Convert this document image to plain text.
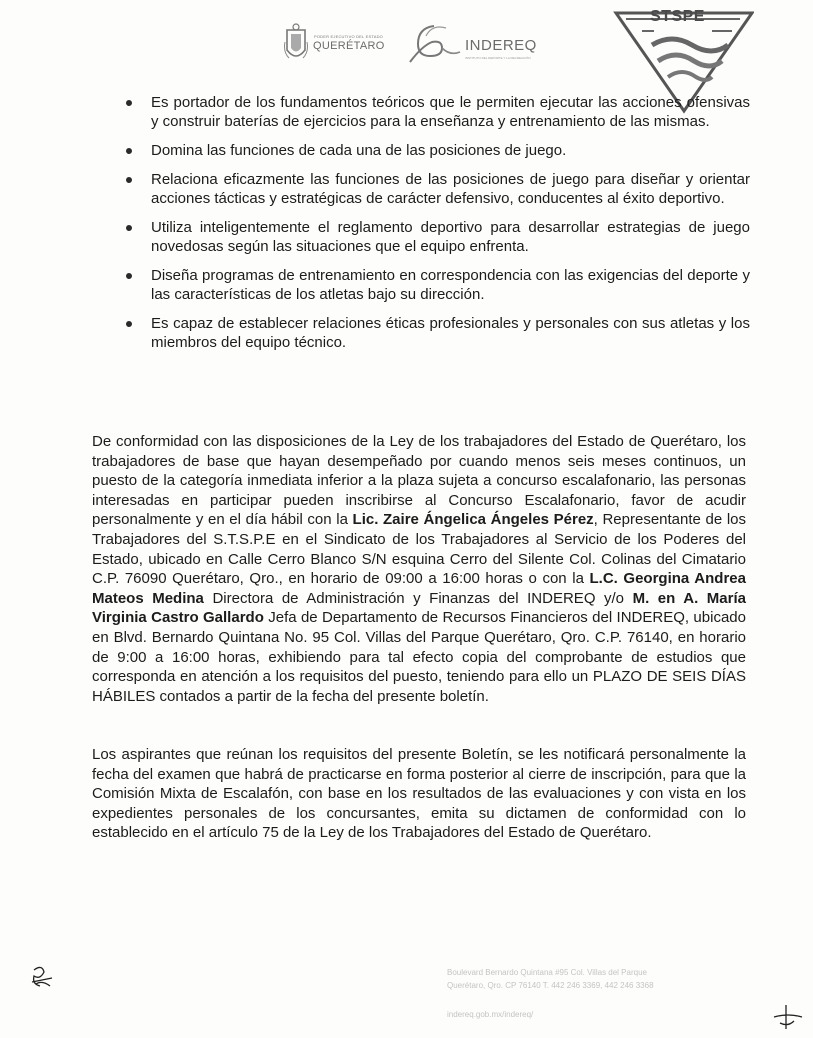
PODER EJECUTIVO DEL ESTADO
QUERÉTARO	INDEREQ
INSTITUTO DEL DEPORTE Y LA RECREACIÓN
STSPE
Es portador de los fundamentos teóricos que le permiten ejecutar las acciones ofensivas y construir baterías de ejercicios para la enseñanza y entrenamiento de las mismas.
Domina las funciones de cada una de las posiciones de juego.
Relaciona eficazmente las funciones de las posiciones de juego para diseñar y orientar acciones tácticas y estratégicas de carácter defensivo, conducentes al éxito deportivo.
Utiliza inteligentemente el reglamento deportivo para desarrollar estrategias de juego novedosas según las situaciones que el equipo enfrenta.
Diseña programas de entrenamiento en correspondencia con las exigencias del deporte y las características de los atletas bajo su dirección.
Es capaz de establecer relaciones éticas profesionales y personales con sus atletas y los miembros del equipo técnico.

De conformidad con las disposiciones de la Ley de los trabajadores del Estado de Querétaro, los trabajadores de base que hayan desempeñado por cuando menos seis meses continuos, un puesto de la categoría inmediata inferior a la plaza sujeta a concurso escalafonario, las personas interesadas en participar pueden inscribirse al Concurso Escalafonario, favor de acudir personalmente y en el día hábil con la Lic. Zaire Ángelica Ángeles Pérez, Representante de los Trabajadores del S.T.S.P.E en el Sindicato de los Trabajadores al Servicio de los Poderes del Estado, ubicado en Calle Cerro Blanco S/N esquina Cerro del Silente Col. Colinas del Cimatario C.P. 76090 Querétaro, Qro., en horario de 09:00 a 16:00 horas o con la L.C. Georgina Andrea Mateos Medina Directora de Administración y Finanzas del INDEREQ y/o M. en A. María Virginia Castro Gallardo Jefa de Departamento de Recursos Financieros del INDEREQ, ubicado en Blvd. Bernardo Quintana No. 95 Col. Villas del Parque Querétaro, Qro. C.P. 76140, en horario de 9:00 a 16:00 horas, exhibiendo para tal efecto copia del comprobante de estudios que corresponda en atención a los requisitos del puesto, teniendo para ello un PLAZO DE SEIS DÍAS HÁBILES contados a partir de la fecha del presente boletín.

Los aspirantes que reúnan los requisitos del presente Boletín, se les notificará personalmente la fecha del examen que habrá de practicarse en forma posterior al cierre de inscripción, para que la Comisión Mixta de Escalafón, con base en los resultados de las evaluaciones y con vista en los expedientes personales de los concursantes, emita su dictamen de conformidad con lo establecido en el artículo 75 de la Ley de los Trabajadores del Estado de Querétaro.

Boulevard Bernardo Quintana #95 Col. Villas del Parque
Querétaro, Qro. CP 76140 T. 442 246 3369, 442 246 3368
indereq.gob.mx/indereq/
